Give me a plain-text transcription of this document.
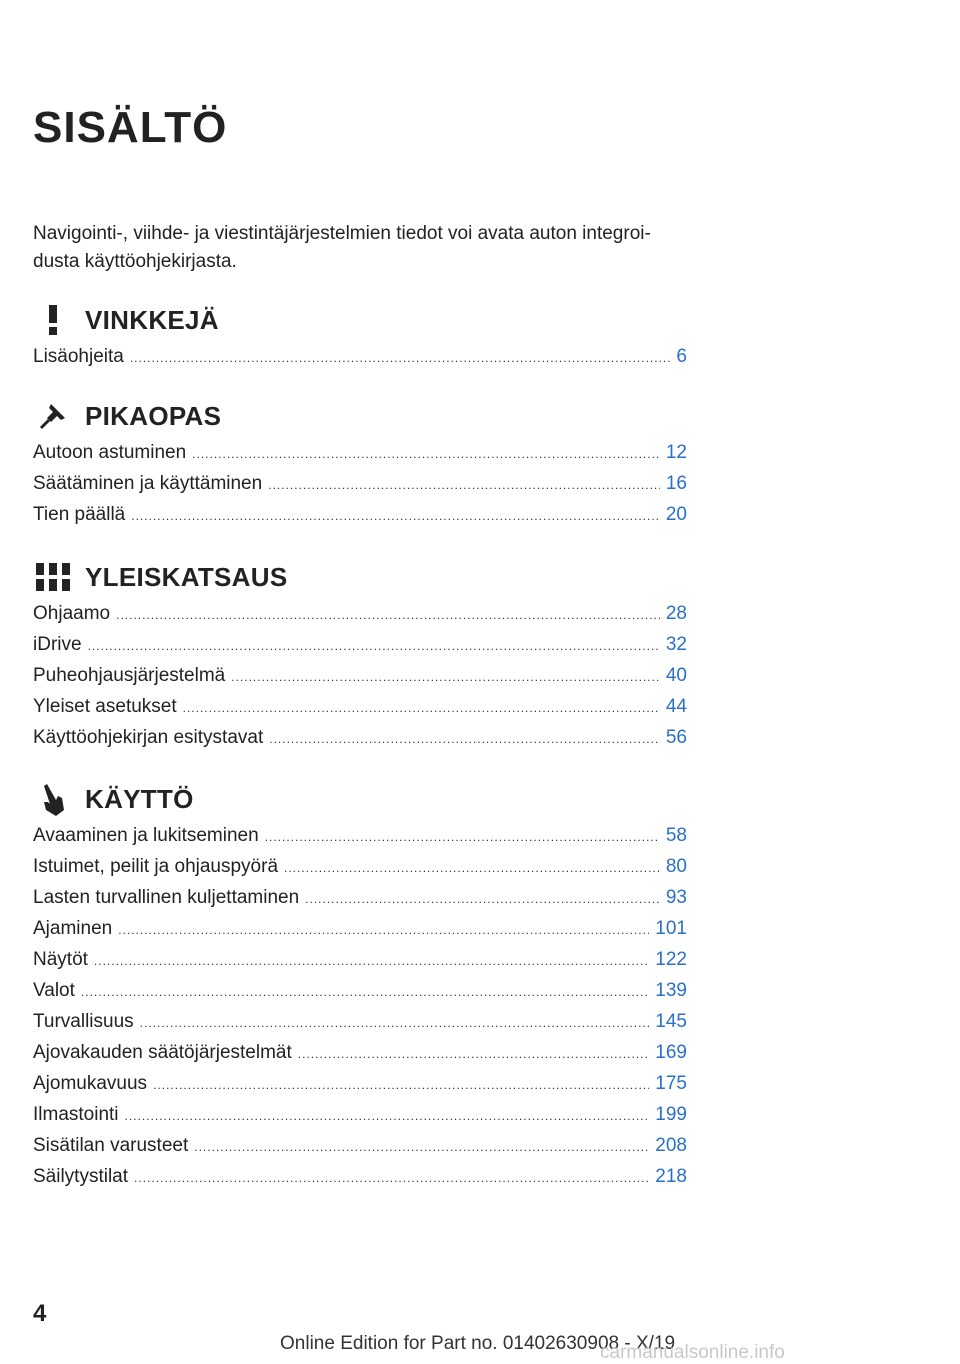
SISÄLTÖ
Navigointi-, viihde- ja viestintäjärjestelmien tiedot voi avata auton integroi- dusta käyttöohjekirjasta.
VINKKEJÄ
Lisäohjeita .....	6
PIKAOPAS
Autoon astuminen .....	12
Säätäminen ja käyttäminen .....	16
Tien päällä .....	20
YLEISKATSAUS
Ohjaamo .....	28
iDrive .....	32
Puheohjausjärjestelmä .....	40
Yleiset asetukset .....	44
Käyttöohjekirjan esitystavat .....	56
KÄYTTÖ
Avaaminen ja lukitseminen .....	58
Istuimet, peilit ja ohjauspyörä .....	80
Lasten turvallinen kuljettaminen .....	93
Ajaminen .....	101
Näytöt .....	122
Valot .....	139
Turvallisuus .....	145
Ajovakauden säätöjärjestelmät .....	169
Ajomukavuus .....	175
Ilmastointi .....	199
Sisätilan varusteet .....	208
Säilytystilat .....	218
4
Online Edition for Part no. 01402630908 - X/19
carmanualsonline.info
